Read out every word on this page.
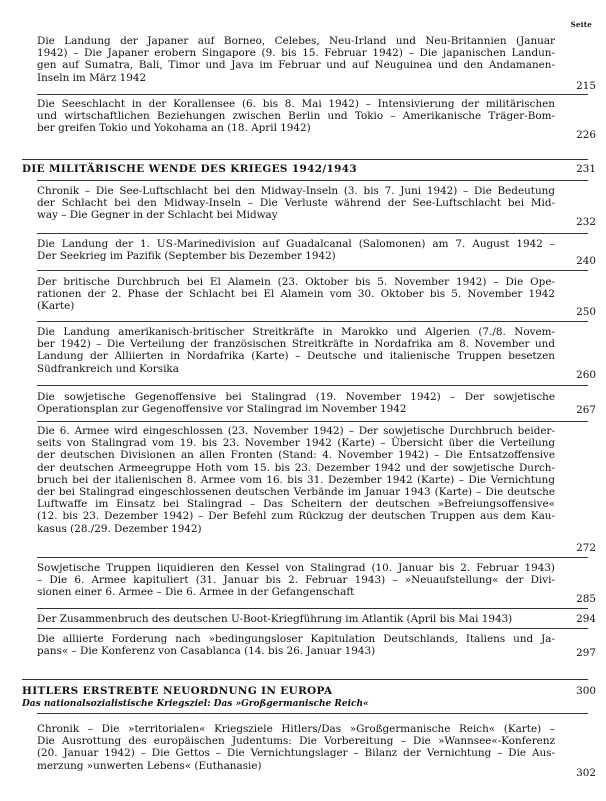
Seite
Die Landung der Japaner auf Borneo, Celebes, Neu-Irland und Neu-Britannien (Januar
1942) – Die Japaner erobern Singapore (9. bis 15. Februar 1942) – Die japanischen Landun-
gen auf Sumatra, Bali, Timor und Java im Februar und auf Neuguinea und den Andamanen-
Inseln im März 1942
215
Die Seeschlacht in der Korallensee (6. bis 8. Mai 1942) – Intensivierung der militärischen
und wirtschaftlichen Beziehungen zwischen Berlin und Tokio – Amerikanische Träger-Bom-
ber greifen Tokio und Yokohama an (18. April 1942)
226
DIE MILITÄRISCHE WENDE DES KRIEGES 1942/1943	231
Chronik – Die See-Luftschlacht bei den Midway-Inseln (3. bis 7. Juni 1942) – Die Bedeutung
der Schlacht bei den Midway-Inseln – Die Verluste während der See-Luftschlacht bei Mid-
way – Die Gegner in der Schlacht bei Midway
232
Die Landung der 1. US-Marinedivision auf Guadalcanal (Salomonen) am 7. August 1942 –
Der Seekrieg im Pazifik (September bis Dezember 1942)	240
Der britische Durchbruch bei El Alamein (23. Oktober bis 5. November 1942) – Die Ope-
rationen der 2. Phase der Schlacht bei El Alamein vom 30. Oktober bis 5. November 1942
(Karte)	250
Die Landung amerikanisch-britischer Streitkräfte in Marokko und Algerien (7./8. Novem-
ber 1942) – Die Verteilung der französischen Streitkräfte in Nordafrika am 8. November und
Landung der Alliierten in Nordafrika (Karte) – Deutsche und italienische Truppen besetzen
Südfrankreich und Korsika
260
Die sowjetische Gegenoffensive bei Stalingrad (19. November 1942) – Der sowjetische
Operationsplan zur Gegenoffensive vor Stalingrad im November 1942	267
Die 6. Armee wird eingeschlossen (23. November 1942) – Der sowjetische Durchbruch beider-
seits von Stalingrad vom 19. bis 23. November 1942 (Karte) – Übersicht über die Verteilung
der deutschen Divisionen an allen Fronten (Stand: 4. November 1942) – Die Entsatzoffensive
der deutschen Armeegruppe Hoth vom 15. bis 23. Dezember 1942 und der sowjetische Durch-
bruch bei der italienischen 8. Armee vom 16. bis 31. Dezember 1942 (Karte) – Die Vernichtung
der bei Stalingrad eingeschlossenen deutschen Verbände im Januar 1943 (Karte) – Die deutsche
Luftwaffe im Einsatz bei Stalingrad – Das Scheitern der deutschen »Befreiungsoffensive«
(12. bis 23. Dezember 1942) – Der Befehl zum Rückzug der deutschen Truppen aus dem Kau-
kasus (28./29. Dezember 1942)
272
Sowjetische Truppen liquidieren den Kessel von Stalingrad (10. Januar bis 2. Februar 1943)
– Die 6. Armee kapituliert (31. Januar bis 2. Februar 1943) – »Neuaufstellung« der Divi-
sionen einer 6. Armee – Die 6. Armee in der Gefangenschaft
285
Der Zusammenbruch des deutschen U-Boot-Kriegführung im Atlantik (April bis Mai 1943)	294
Die alliierte Forderung nach »bedingungsloser Kapitulation Deutschlands, Italiens und Ja-
pans« – Die Konferenz von Casablanca (14. bis 26. Januar 1943)	297
HITLERS ERSTREBTE NEUORDNUNG IN EUROPA	300
Das nationalsozialistische Kriegsziel: Das »Großgermanische Reich«
Chronik – Die »territorialen« Kriegsziele Hitlers/Das »Großgermanische Reich« (Karte) –
Die Ausrottung des europäischen Judentums: Die Vorbereitung – Die »Wannsee«-Konferenz
(20. Januar 1942) – Die Gettos – Die Vernichtungslager – Bilanz der Vernichtung – Die Aus-
merzung »unwerten Lebens« (Euthanasie)
302
